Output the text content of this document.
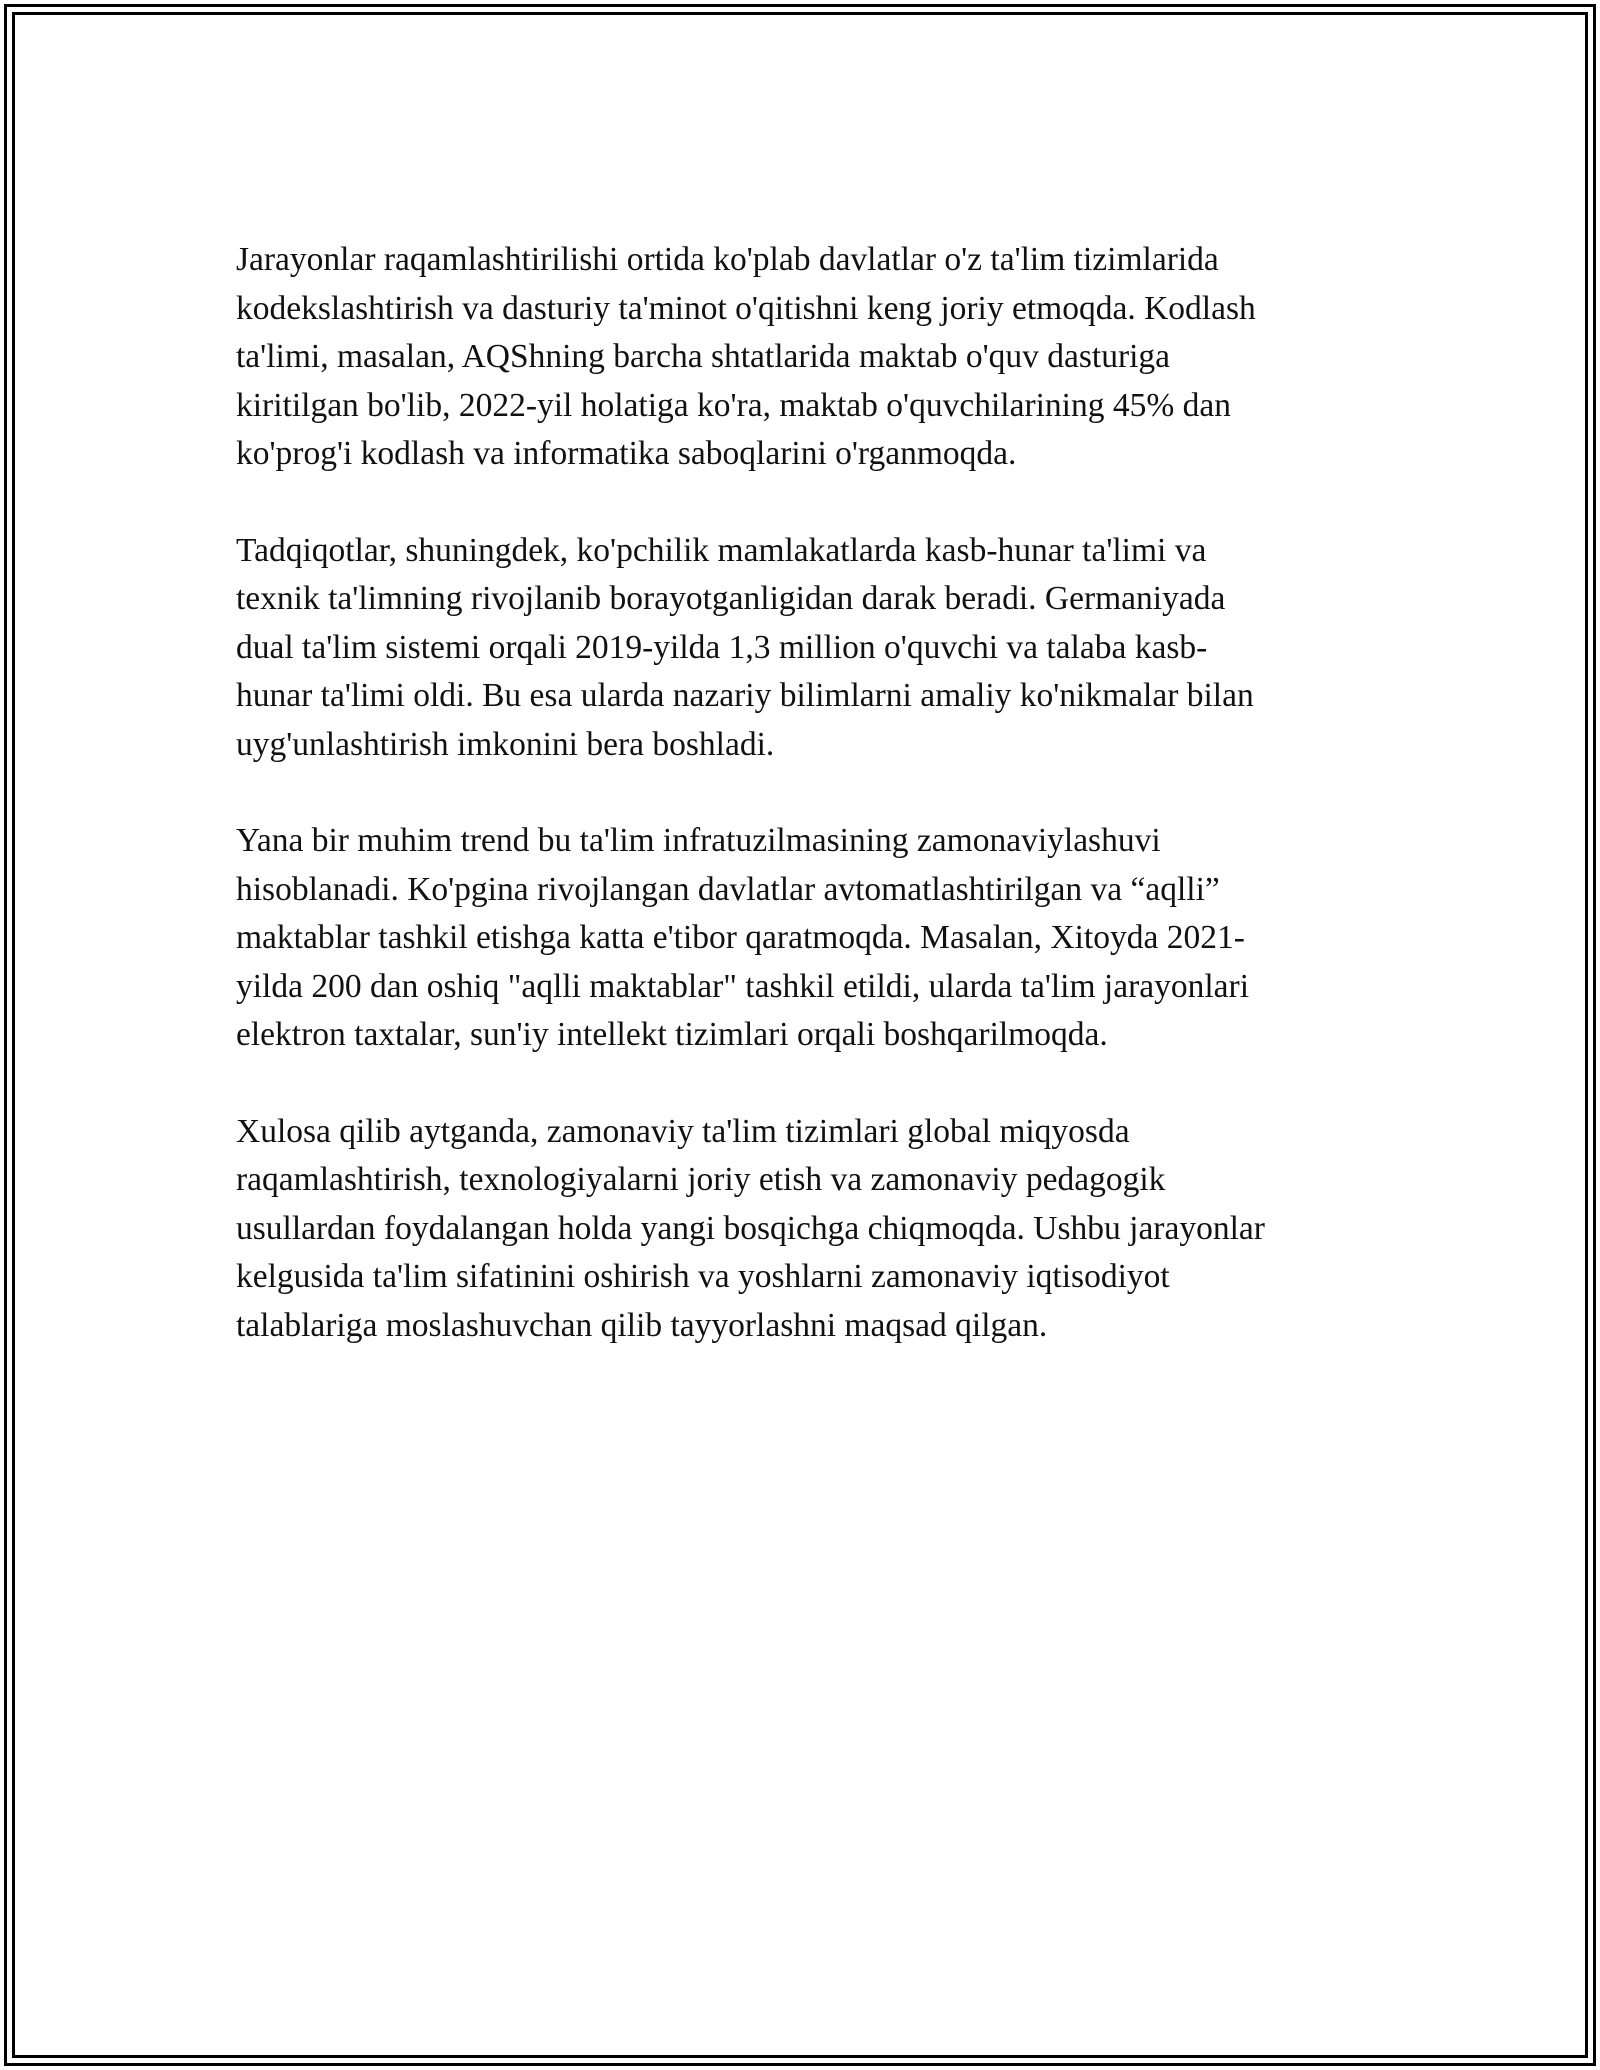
Jarayonlar raqamlashtirilishi ortida ko'plab davlatlar o'z ta'lim tizimlarida
kodekslashtirish va dasturiy ta'minot o'qitishni keng joriy etmoqda. Kodlash
ta'limi, masalan, AQShning barcha shtatlarida maktab o'quv dasturiga
kiritilgan bo'lib, 2022-yil holatiga ko'ra, maktab o'quvchilarining 45% dan
ko'prog'i kodlash va informatika saboqlarini o'rganmoqda.

Tadqiqotlar, shuningdek, ko'pchilik mamlakatlarda kasb-hunar ta'limi va
texnik ta'limning rivojlanib borayotganligidan darak beradi. Germaniyada
dual ta'lim sistemi orqali 2019-yilda 1,3 million o'quvchi va talaba kasb-
hunar ta'limi oldi. Bu esa ularda nazariy bilimlarni amaliy ko'nikmalar bilan
uyg'unlashtirish imkonini bera boshladi.

Yana bir muhim trend bu ta'lim infratuzilmasining zamonaviylashuvi
hisoblanadi. Ko'pgina rivojlangan davlatlar avtomatlashtirilgan va “aqlli”
maktablar tashkil etishga katta e'tibor qaratmoqda. Masalan, Xitoyda 2021-
yilda 200 dan oshiq "aqlli maktablar" tashkil etildi, ularda ta'lim jarayonlari
elektron taxtalar, sun'iy intellekt tizimlari orqali boshqarilmoqda.

Xulosa qilib aytganda, zamonaviy ta'lim tizimlari global miqyosda
raqamlashtirish, texnologiyalarni joriy etish va zamonaviy pedagogik
usullardan foydalangan holda yangi bosqichga chiqmoqda. Ushbu jarayonlar
kelgusida ta'lim sifatinini oshirish va yoshlarni zamonaviy iqtisodiyot
talablariga moslashuvchan qilib tayyorlashni maqsad qilgan.
